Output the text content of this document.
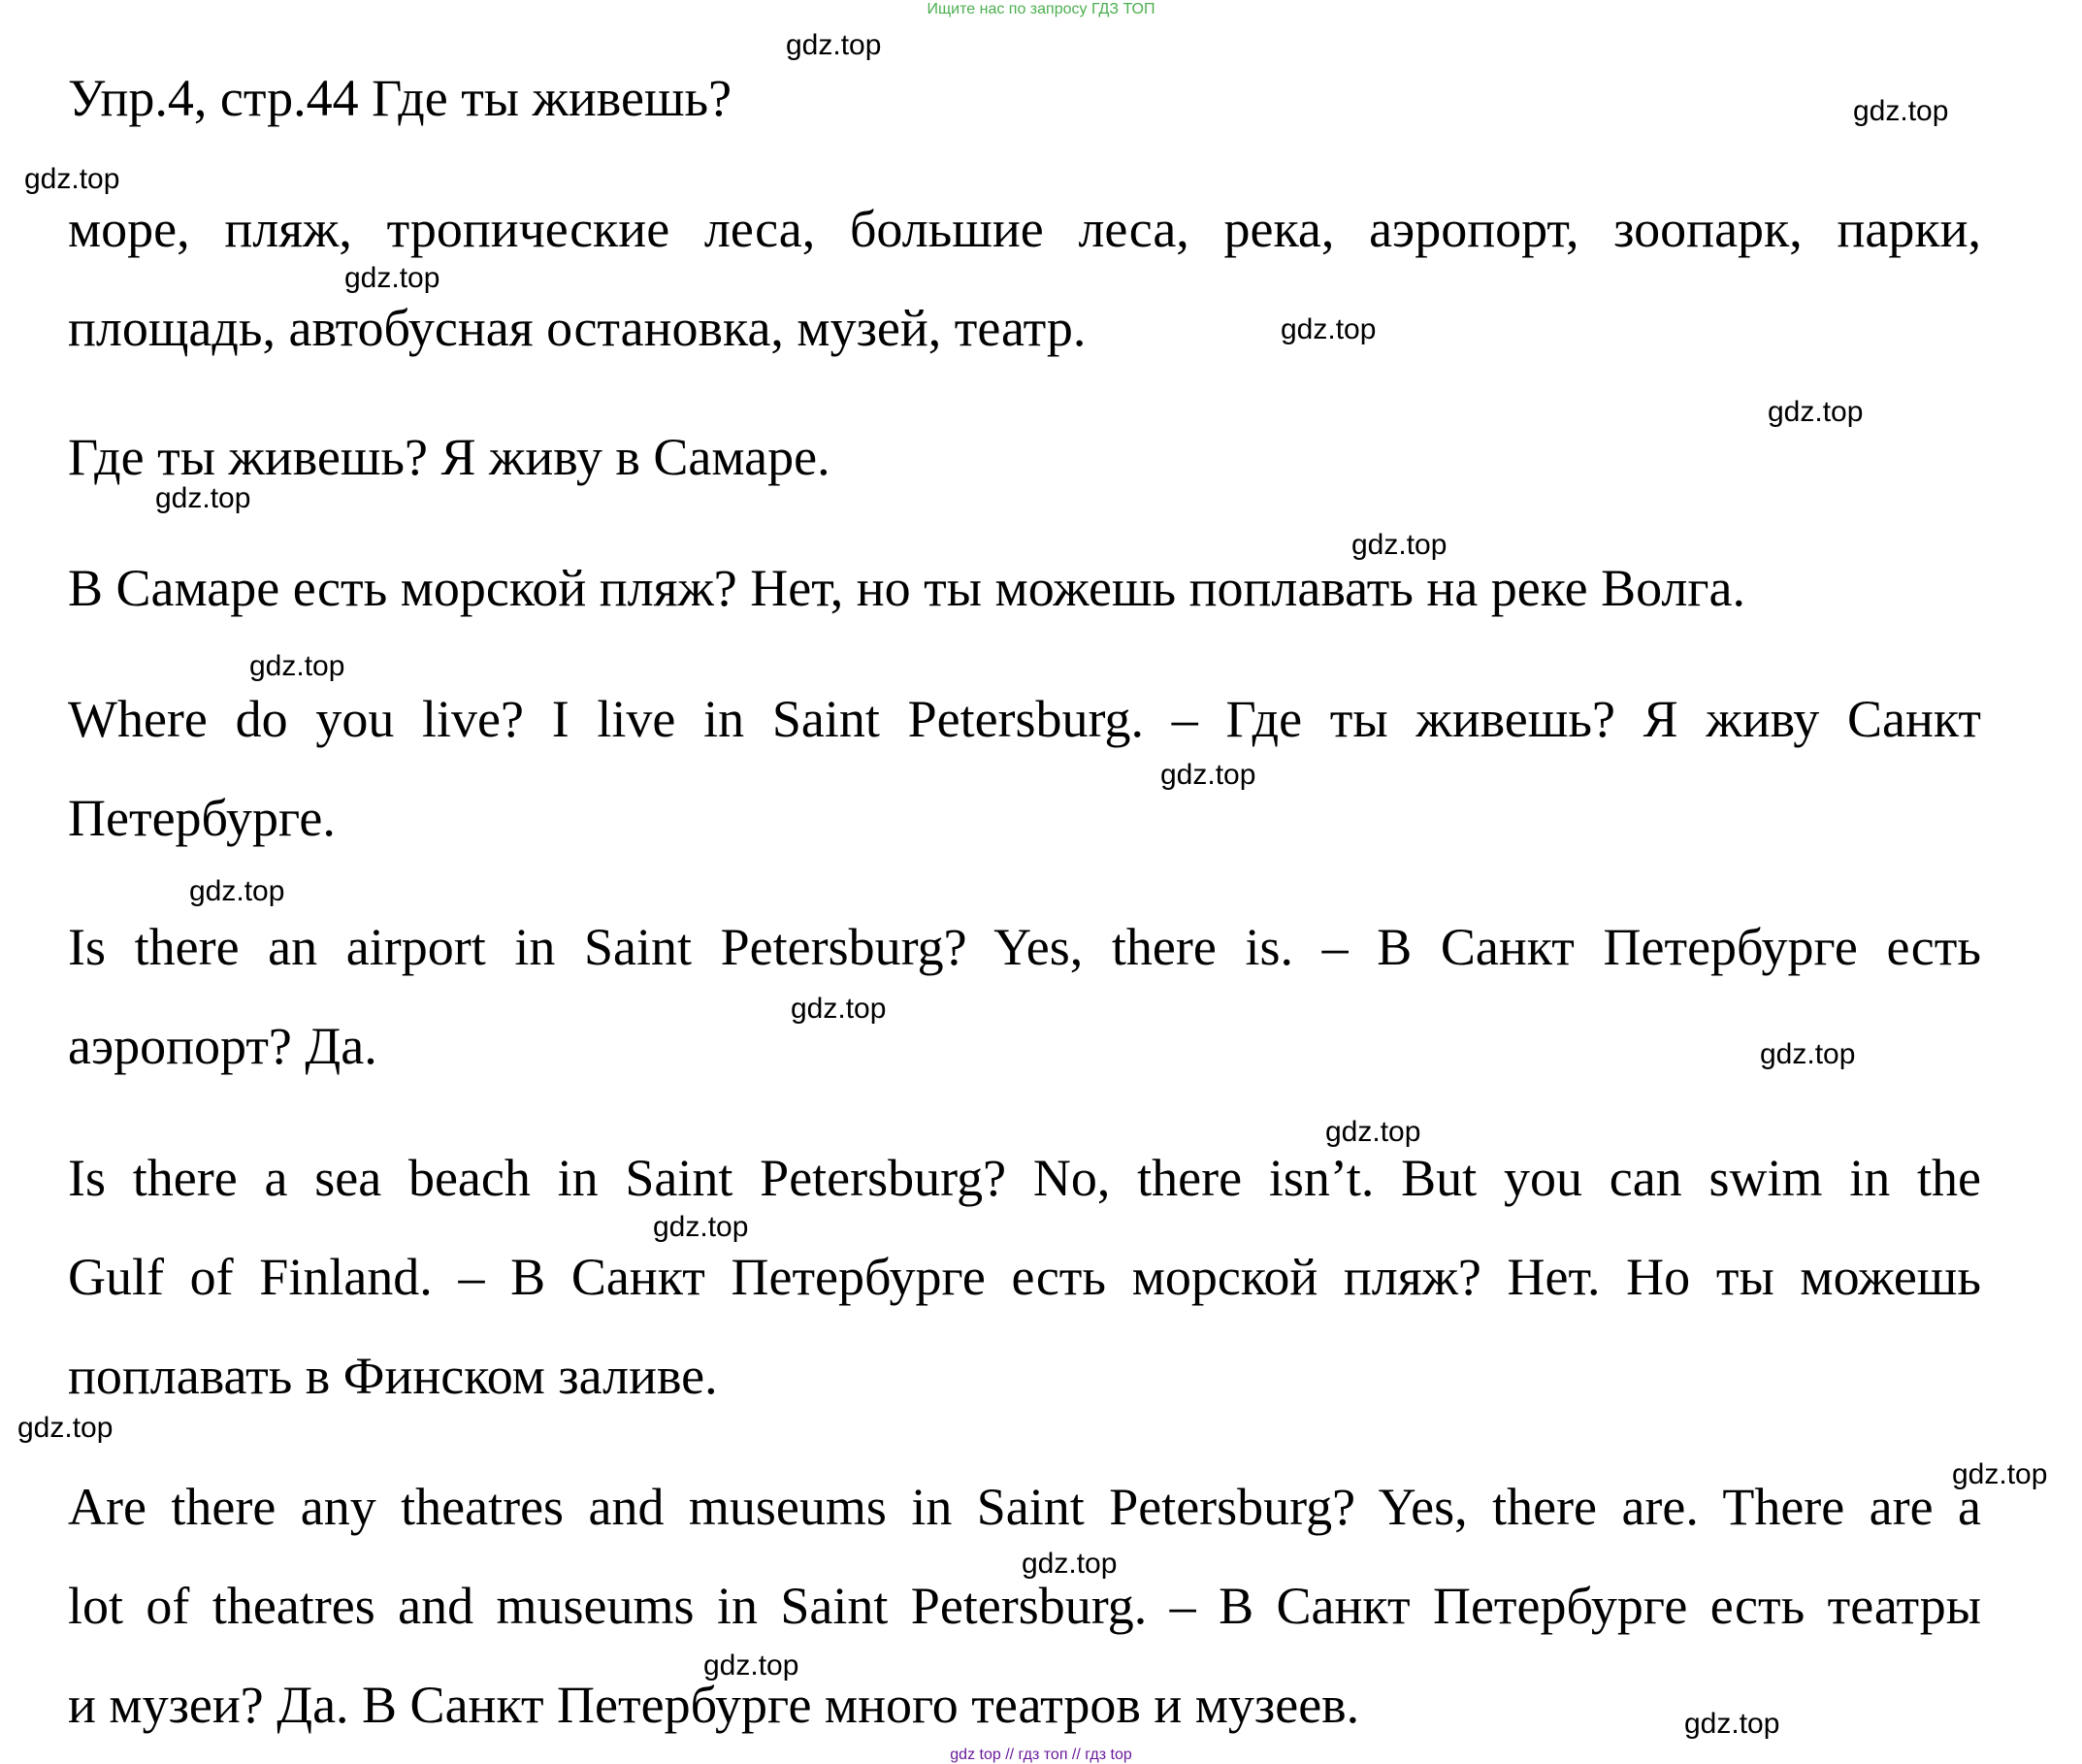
Ищите нас по запросу ГДЗ ТОП
Упр.4, стр.44 Где ты живешь?
море, пляж, тропические леса, большие леса, река, аэропорт, зоопарк, парки,
площадь, автобусная остановка, музей, театр.
Где ты живешь? Я живу в Самаре.
В Самаре есть морской пляж? Нет, но ты можешь поплавать на реке Волга.
Where do you live? I live in Saint Petersburg. – Где ты живешь? Я живу Санкт
Петербурге.
Is there an airport in Saint Petersburg? Yes, there is. – В Санкт Петербурге есть
аэропорт? Да.
Is there a sea beach in Saint Petersburg? No, there isn’t. But you can swim in the
Gulf of Finland. – В Санкт Петербурге есть морской пляж? Нет. Но ты можешь
поплавать в Финском заливе.
Are there any theatres and museums in Saint Petersburg? Yes, there are. There are a
lot of theatres and museums in Saint Petersburg. – В Санкт Петербурге есть театры
и музеи? Да. В Санкт Петербурге много театров и музеев.
gdz.top
gdz.top
gdz.top
gdz.top
gdz.top
gdz.top
gdz.top
gdz.top
gdz.top
gdz.top
gdz.top
gdz.top
gdz.top
gdz.top
gdz.top
gdz.top
gdz.top
gdz.top
gdz.top
gdz.top
gdz top // гдз топ // гдз top
